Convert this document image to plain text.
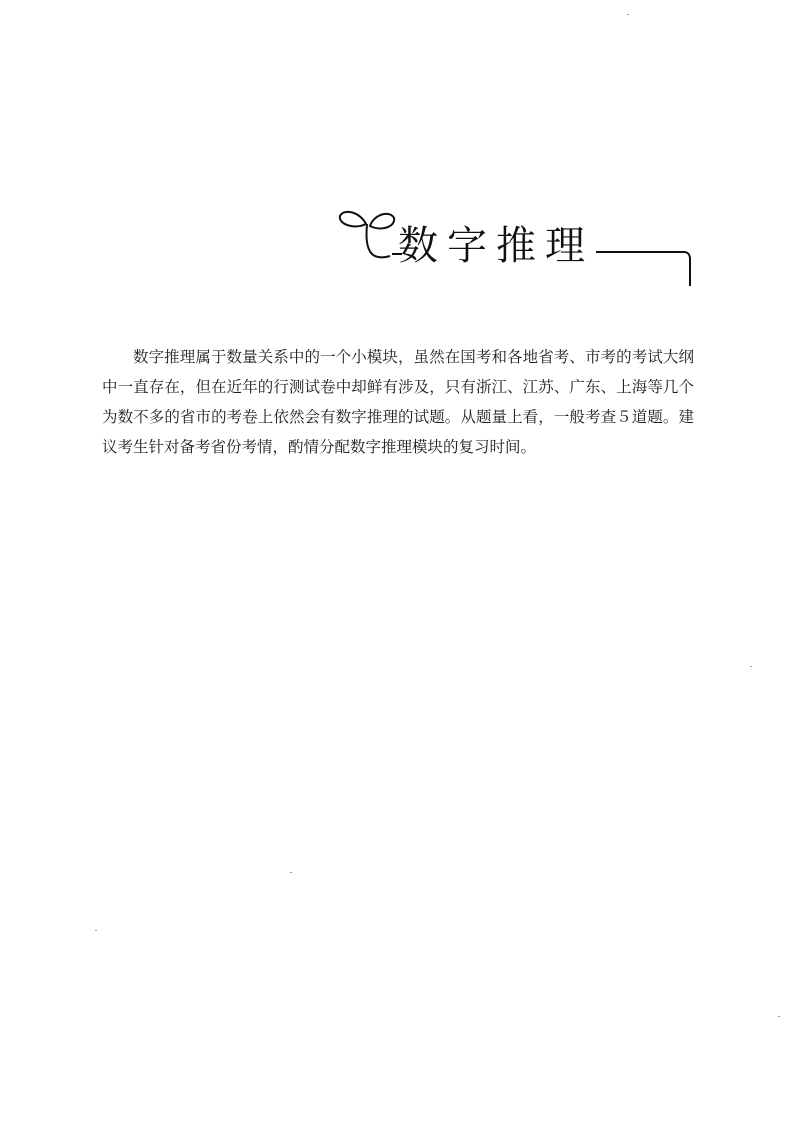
数字推理

数字推理属于数量关系中的一个小模块，虽然在国考和各地省考、市考的考试大纲中一直存在，但在近年的行测试卷中却鲜有涉及，只有浙江、江苏、广东、上海等几个为数不多的省市的考卷上依然会有数字推理的试题。从题量上看，一般考查５道题。建议考生针对备考省份考情，酌情分配数字推理模块的复习时间。
